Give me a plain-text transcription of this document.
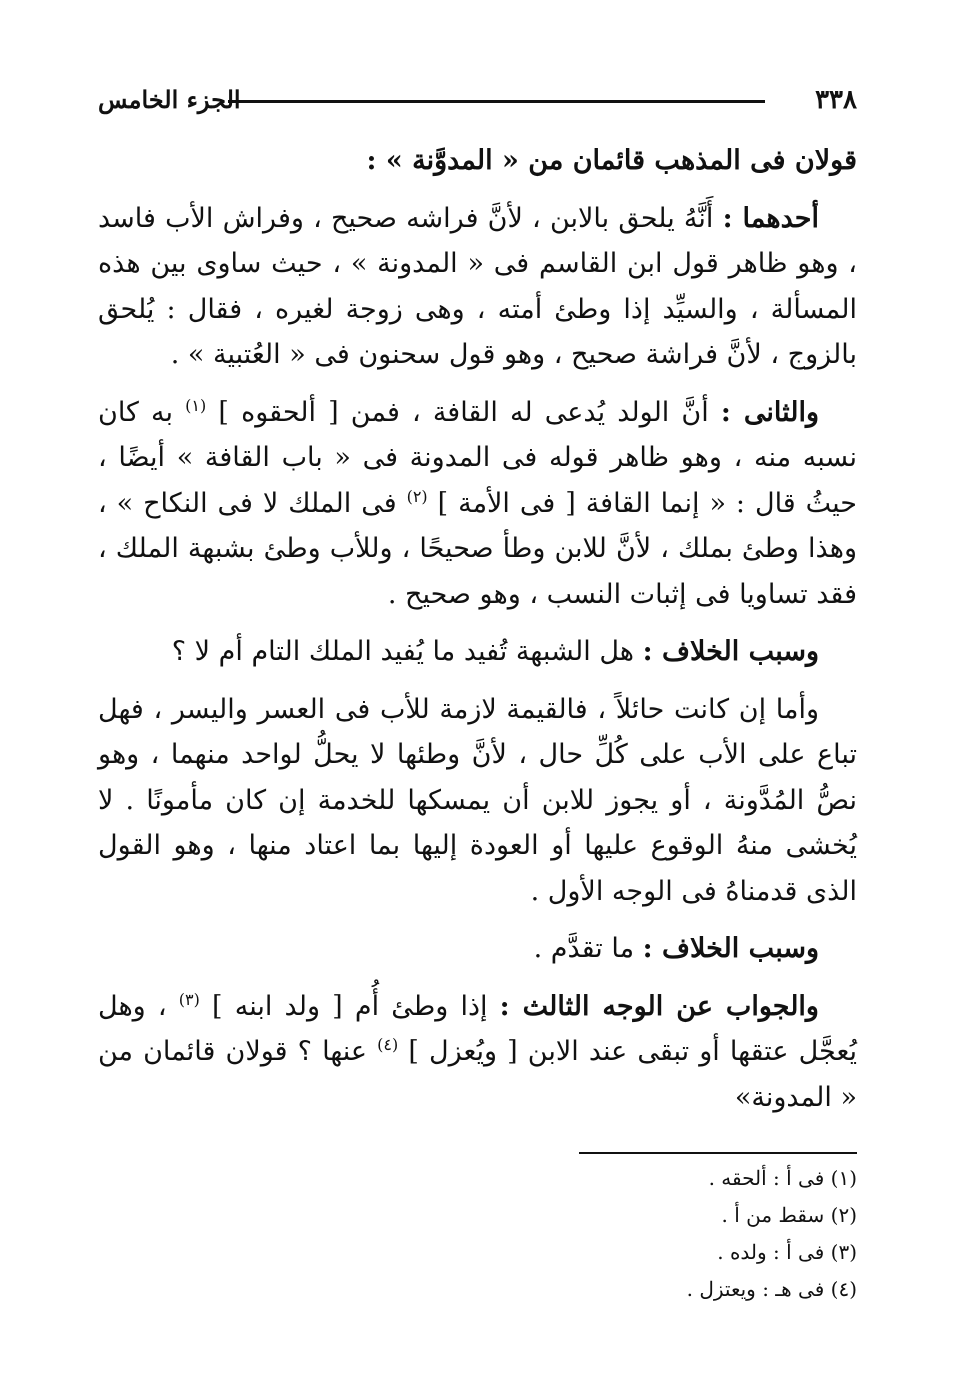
٣٣٨
الجزء الخامس

قولان فى المذهب قائمان من « المدوَّنة » :

أحدهما : أَنَّهُ يلحق بالابن ، لأنَّ فراشه صحيح ، وفراش الأب فاسد ، وهو ظاهر قول ابن القاسم فى « المدونة » ، حيث ساوى بين هذه المسألة ، والسيِّد إذا وطئ أمته ، وهى زوجة لغيره ، فقال : يُلحق بالزوج ، لأنَّ فراشة صحيح ، وهو قول سحنون فى « العُتبية » .

والثانى : أنَّ الولد يُدعى له القافة ، فمن [ ألحقوه ] $^{(١)}$ به كان نسبه منه ، وهو ظاهر قوله فى المدونة فى « باب القافة » أيضًا ، حيثُ قال : « إنما القافة [ فى الأمة ] $^{(٢)}$ فى الملك لا فى النكاح » ، وهذا وطئ بملك ، لأنَّ للابن وطأ صحيحًا ، وللأب وطئ بشبهة الملك ، فقد تساويا فى إثبات النسب ، وهو صحيح .

وسبب الخلاف : هل الشبهة تُفيد ما يُفيد الملك التام أم لا ؟

وأما إن كانت حائلاً ، فالقيمة لازمة للأب فى العسر واليسر ، فهل تباع على الأب على كُلِّ حال ، لأنَّ وطئها لا يحلُّ لواحد منهما ، وهو نصُّ المُدَّونة ، أو يجوز للابن أن يمسكها للخدمة إن كان مأمونًا . لا يُخشى منهُ الوقوع عليها أو العودة إليها بما اعتاد منها ، وهو القول الذى قدمناهُ فى الوجه الأول .

وسبب الخلاف : ما تقدَّم .

والجواب عن الوجه الثالث : إذا وطئ أُم [ ولد ابنه ] $^{(٣)}$ ، وهل يُعجَّل عتقها أو تبقى عند الابن [ ويُعزل ] $^{(٤)}$ عنها ؟ قولان قائمان من « المدونة»

(١) فى أ : ألحقه .
(٢) سقط من أ .
(٣) فى أ : ولده .
(٤) فى هـ : ويعتزل .
